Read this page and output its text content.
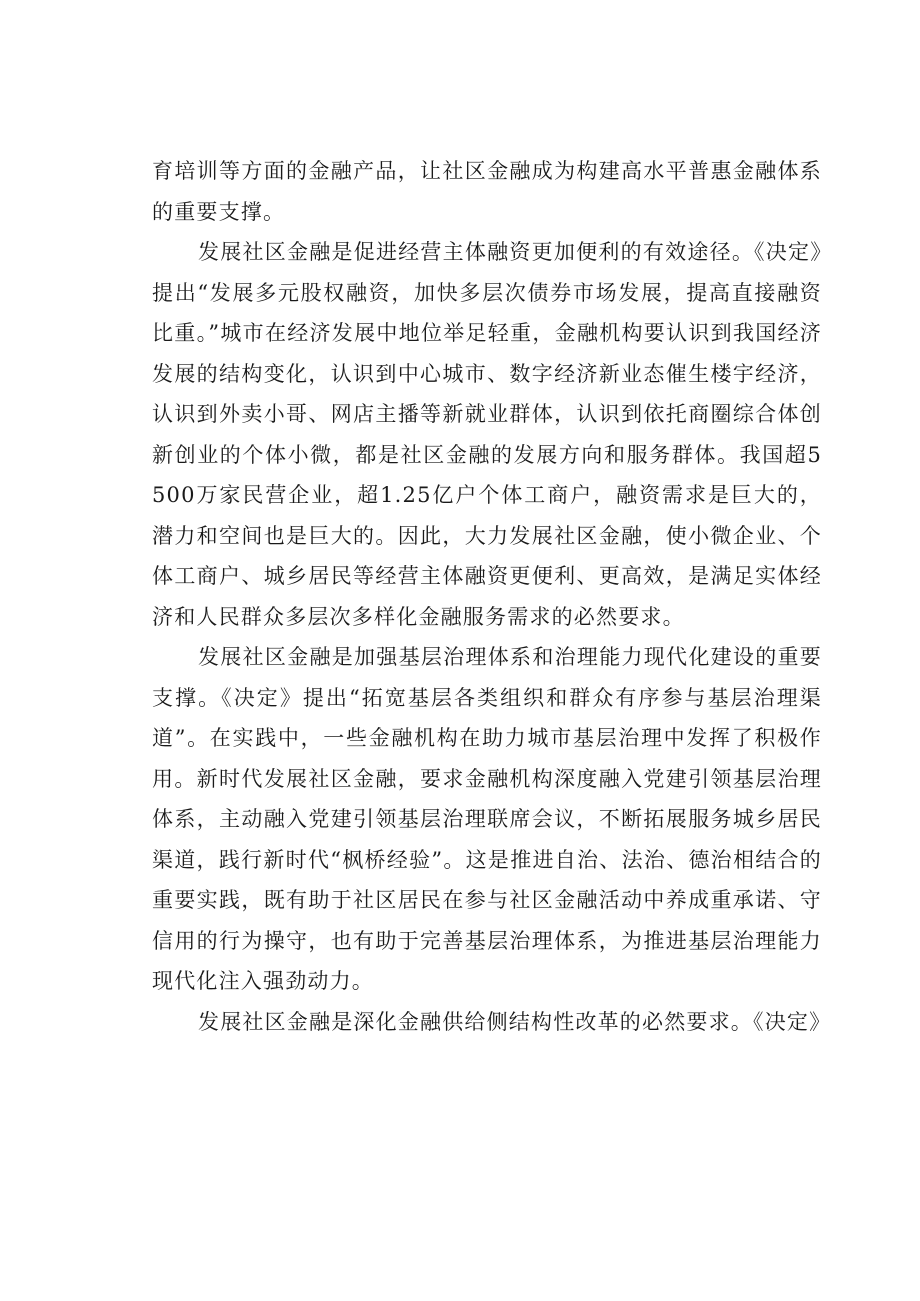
育培训等方面的金融产品，让社区金融成为构建高水平普惠金融体系的重要支撑。

发展社区金融是促进经营主体融资更加便利的有效途径。《决定》提出“发展多元股权融资，加快多层次债券市场发展，提高直接融资比重。”城市在经济发展中地位举足轻重，金融机构要认识到我国经济发展的结构变化，认识到中心城市、数字经济新业态催生楼宇经济，认识到外卖小哥、网店主播等新就业群体，认识到依托商圈综合体创新创业的个体小微，都是社区金融的发展方向和服务群体。我国超5500万家民营企业，超1.25亿户个体工商户，融资需求是巨大的，潜力和空间也是巨大的。因此，大力发展社区金融，使小微企业、个体工商户、城乡居民等经营主体融资更便利、更高效，是满足实体经济和人民群众多层次多样化金融服务需求的必然要求。

发展社区金融是加强基层治理体系和治理能力现代化建设的重要支撑。《决定》提出“拓宽基层各类组织和群众有序参与基层治理渠道”。在实践中，一些金融机构在助力城市基层治理中发挥了积极作用。新时代发展社区金融，要求金融机构深度融入党建引领基层治理体系，主动融入党建引领基层治理联席会议，不断拓展服务城乡居民渠道，践行新时代“枫桥经验”。这是推进自治、法治、德治相结合的重要实践，既有助于社区居民在参与社区金融活动中养成重承诺、守信用的行为操守，也有助于完善基层治理体系，为推进基层治理能力现代化注入强劲动力。

发展社区金融是深化金融供给侧结构性改革的必然要求。《决定》
